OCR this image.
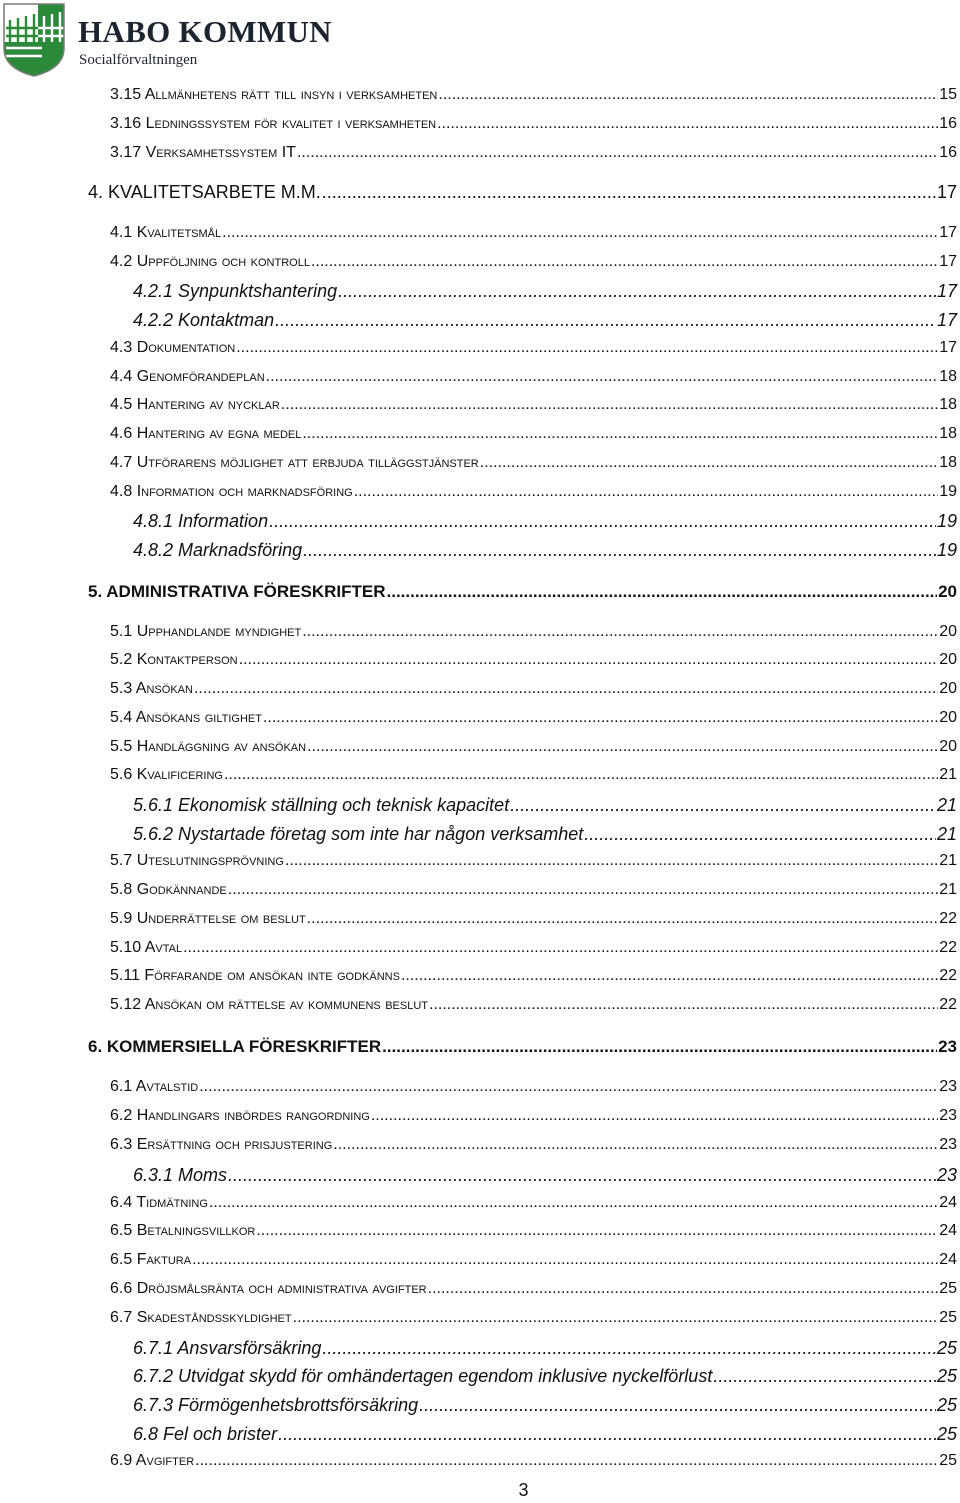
HABO KOMMUN
Socialförvaltningen
3.15 Allmänhetens rätt till insyn i verksamheten .....	15
3.16 Ledningssystem för kvalitet i verksamheten .....	16
3.17 Verksamhetssystem IT .....	16
4. KVALITETSARBETE M.M. .....	17
4.1 Kvalitetsmål .....	17
4.2 Uppföljning och kontroll .....	17
4.2.1 Synpunktshantering .....	17
4.2.2 Kontaktman .....	17
4.3 Dokumentation .....	17
4.4 Genomförandeplan .....	18
4.5 Hantering av nycklar .....	18
4.6 Hantering av egna medel .....	18
4.7 Utförarens möjlighet att erbjuda tilläggstjänster .....	18
4.8 Information och marknadsföring .....	19
4.8.1 Information .....	19
4.8.2 Marknadsföring .....	19
5. ADMINISTRATIVA FÖRESKRIFTER .....	20
5.1 Upphandlande myndighet .....	20
5.2 Kontaktperson .....	20
5.3 Ansökan .....	20
5.4 Ansökans giltighet .....	20
5.5 Handläggning av ansökan .....	20
5.6 Kvalificering .....	21
5.6.1 Ekonomisk ställning och teknisk kapacitet .....	21
5.6.2 Nystartade företag som inte har någon verksamhet .....	21
5.7 Uteslutningsprövning .....	21
5.8 Godkännande .....	21
5.9 Underrättelse om beslut .....	22
5.10 Avtal .....	22
5.11 Förfarande om ansökan inte godkänns .....	22
5.12 Ansökan om rättelse av kommunens beslut .....	22
6. KOMMERSIELLA FÖRESKRIFTER .....	23
6.1 Avtalstid .....	23
6.2 Handlingars inbördes rangordning .....	23
6.3 Ersättning och prisjustering .....	23
6.3.1 Moms .....	23
6.4 Tidmätning .....	24
6.5 Betalningsvillkor .....	24
6.5 Faktura .....	24
6.6 Dröjsmålsränta och administrativa avgifter .....	25
6.7 Skadeståndsskyldighet .....	25
6.7.1 Ansvarsförsäkring .....	25
6.7.2 Utvidgat skydd för omhändertagen egendom inklusive nyckelförlust .....	25
6.7.3 Förmögenhetsbrottsförsäkring .....	25
6.8 Fel och brister .....	25
6.9 Avgifter .....	25
3
